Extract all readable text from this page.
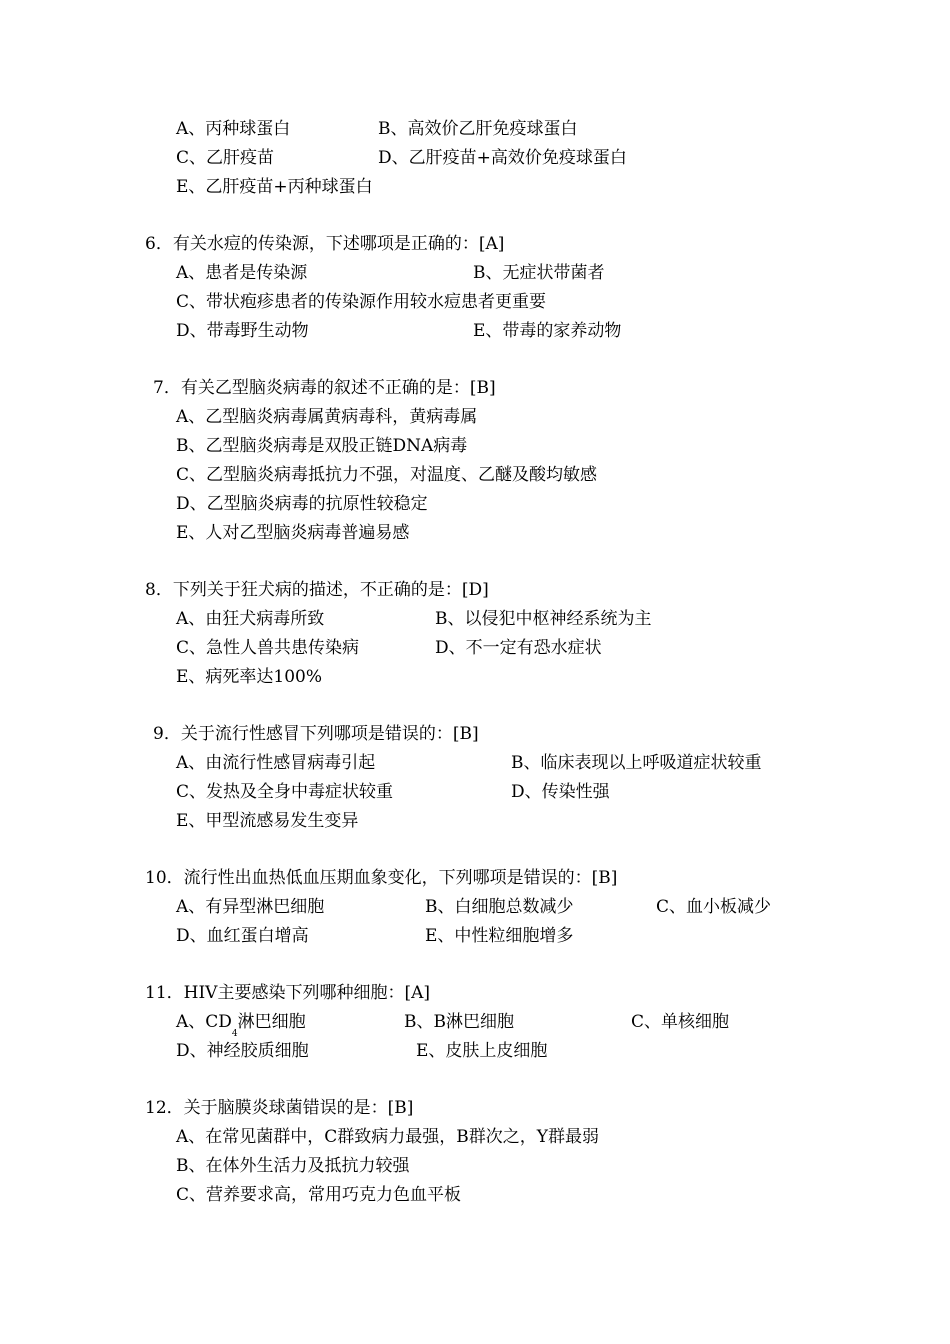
A、丙种球蛋白	B、高效价乙肝免疫球蛋白
C、乙肝疫苗	D、乙肝疫苗+高效价免疫球蛋白
E、乙肝疫苗+丙种球蛋白
6．有关水痘的传染源，下述哪项是正确的：[A]
A、患者是传染源	B、无症状带菌者
C、带状疱疹患者的传染源作用较水痘患者更重要
D、带毒野生动物	E、带毒的家养动物
7．有关乙型脑炎病毒的叙述不正确的是：[B]
A、乙型脑炎病毒属黄病毒科，黄病毒属
B、乙型脑炎病毒是双股正链DNA病毒
C、乙型脑炎病毒抵抗力不强，对温度、乙醚及酸均敏感
D、乙型脑炎病毒的抗原性较稳定
E、人对乙型脑炎病毒普遍易感
8．下列关于狂犬病的描述，不正确的是：[D]
A、由狂犬病毒所致	B、以侵犯中枢神经系统为主
C、急性人兽共患传染病	D、不一定有恐水症状
E、病死率达100%
9．关于流行性感冒下列哪项是错误的：[B]
A、由流行性感冒病毒引起	B、临床表现以上呼吸道症状较重
C、发热及全身中毒症状较重	D、传染性强
E、甲型流感易发生变异
10．流行性出血热低血压期血象变化，下列哪项是错误的：[B]
A、有异型淋巴细胞	B、白细胞总数减少	C、血小板减少
D、血红蛋白增高	E、中性粒细胞增多
11．HIV主要感染下列哪种细胞：[A]
A、$CD_4$淋巴细胞	B、B淋巴细胞	C、单核细胞
D、神经胶质细胞	E、皮肤上皮细胞
12．关于脑膜炎球菌错误的是：[B]
A、在常见菌群中，C群致病力最强，B群次之，Y群最弱
B、在体外生活力及抵抗力较强
C、营养要求高，常用巧克力色血平板
